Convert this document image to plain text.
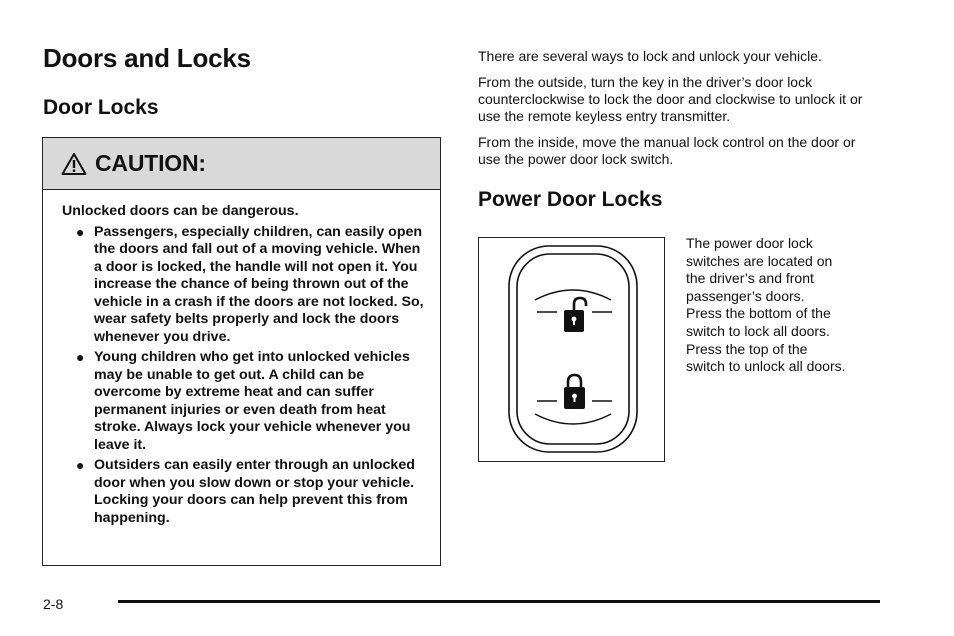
Doors and Locks
Door Locks
CAUTION:

Unlocked doors can be dangerous.

● Passengers, especially children, can easily open the doors and fall out of a moving vehicle. When a door is locked, the handle will not open it. You increase the chance of being thrown out of the vehicle in a crash if the doors are not locked. So, wear safety belts properly and lock the doors whenever you drive.
● Young children who get into unlocked vehicles may be unable to get out. A child can be overcome by extreme heat and can suffer permanent injuries or even death from heat stroke. Always lock your vehicle whenever you leave it.
● Outsiders can easily enter through an unlocked door when you slow down or stop your vehicle. Locking your doors can help prevent this from happening.

There are several ways to lock and unlock your vehicle.

From the outside, turn the key in the driver’s door lock counterclockwise to lock the door and clockwise to unlock it or use the remote keyless entry transmitter.

From the inside, move the manual lock control on the door or use the power door lock switch.

Power Door Locks

The power door lock
switches are located on
the driver’s and front
passenger’s doors.
Press the bottom of the
switch to lock all doors.
Press the top of the
switch to unlock all doors.

2-8
